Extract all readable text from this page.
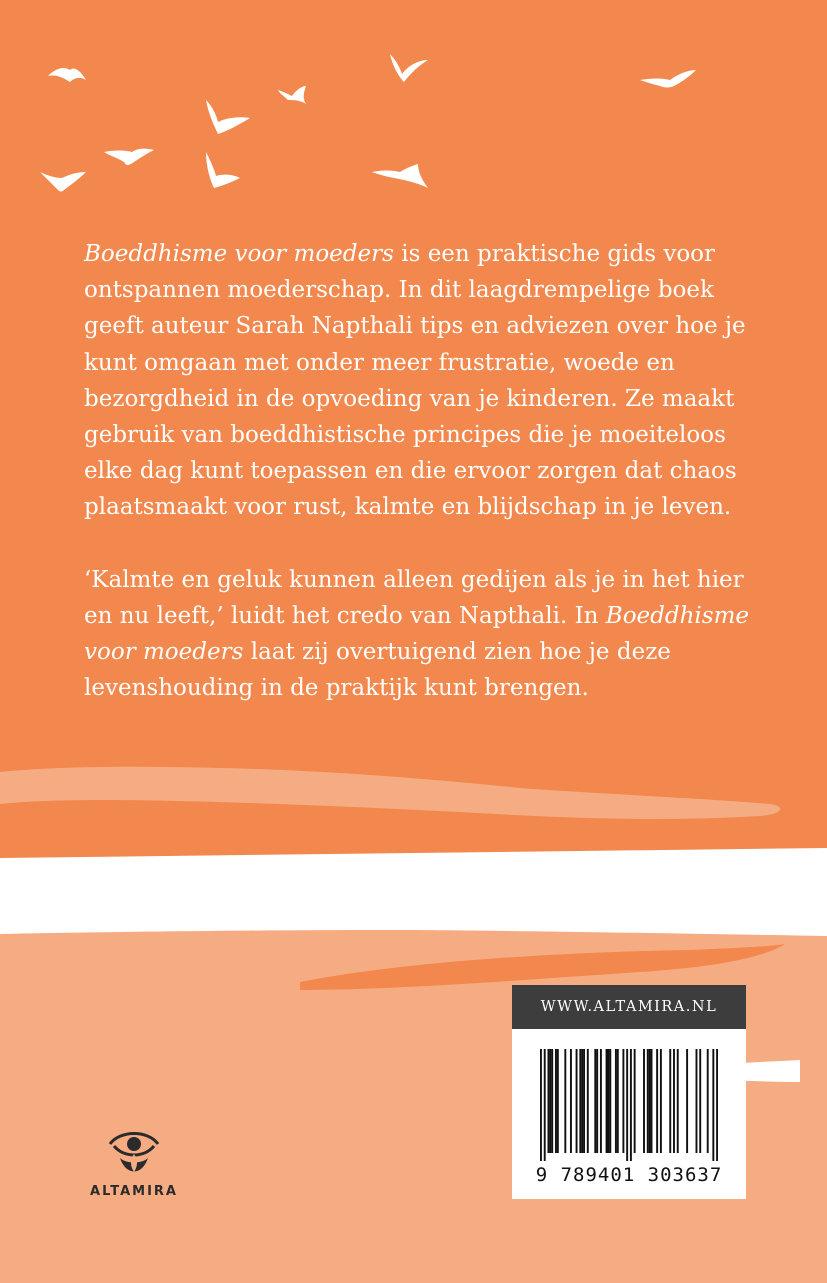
Boeddhisme voor moeders is een praktische gids voor ontspannen moederschap. In dit laagdrempelige boek geeft auteur Sarah Napthali tips en adviezen over hoe je kunt omgaan met onder meer frustratie, woede en bezorgdheid in de opvoeding van je kinderen. Ze maakt gebruik van boeddhistische principes die je moeiteloos elke dag kunt toepassen en die ervoor zorgen dat chaos plaatsmaakt voor rust, kalmte en blijdschap in je leven.

‘Kalmte en geluk kunnen alleen gedijen als je in het hier en nu leeft,’ luidt het credo van Napthali. In Boeddhisme voor moeders laat zij overtuigend zien hoe je deze levenshouding in de praktijk kunt brengen.

WWW.ALTAMIRA.NL
9 789401 303637
ALTAMIRA
